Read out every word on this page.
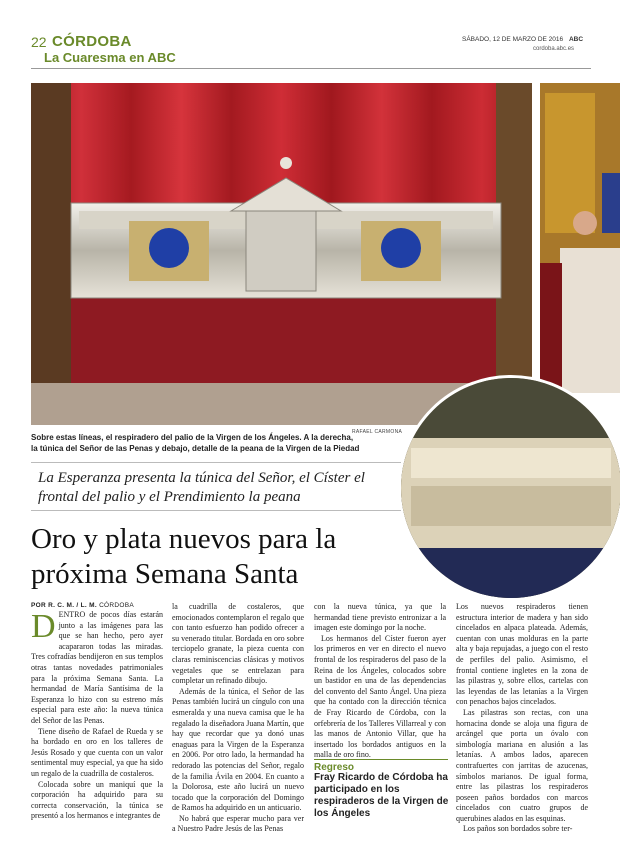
22 CÓRDOBA
La Cuaresma en ABC
SÁBADO, 12 DE MARZO DE 2016 ABC
cordoba.abc.es
RAFAEL CARMONA
Sobre estas líneas, el respiradero del palio de la Virgen de los Ángeles. A la derecha, la túnica del Señor de las Penas y debajo, detalle de la peana de la Virgen de la Piedad
La Esperanza presenta la túnica del Señor, el Císter el frontal del palio y el Prendimiento la peana
Oro y plata nuevos para la próxima Semana Santa
POR R. C. M. / L. M. CÓRDOBA
D ENTRO de pocos días estarán junto a las imágenes para las que se han hecho, pero ayer acapararon todas las miradas. Tres cofradías bendijeron en sus templos otras tantas novedades patrimoniales para la próxima Semana Santa. La hermandad de María Santísima de la Esperanza lo hizo con su estreno más especial para este año: la nueva túnica del Señor de las Penas.

Tiene diseño de Rafael de Rueda y se ha bordado en oro en los talleres de Jesús Rosado y que cuenta con un valor sentimental muy especial, ya que ha sido un regalo de la cuadrilla de costaleros.

Colocada sobre un maniquí que la corporación ha adquirido para su correcta conservación, la túnica se presentó a los hermanos e integrantes de

la cuadrilla de costaleros, que emocionados contemplaron el regalo que con tanto esfuerzo han podido ofrecer a su venerado titular. Bordada en oro sobre terciopelo granate, la pieza cuenta con claras reminiscencias clásicas y motivos vegetales que se entrelazan para completar un refinado dibujo.

Además de la túnica, el Señor de las Penas también lucirá un cíngulo con una esmeralda y una nueva camisa que le ha regalado la diseñadora Juana Martín, que hay que recordar que ya donó unas enaguas para la Virgen de la Esperanza en 2006. Por otro lado, la hermandad ha redorado las potencias del Señor, regalo de la familia Ávila en 2004. En cuanto a la Dolorosa, este año lucirá un nuevo tocado que la corporación del Domingo de Ramos ha adquirido en un anticuario.

No habrá que esperar mucho para ver a Nuestro Padre Jesús de las Penas

con la nueva túnica, ya que la hermandad tiene previsto entronizar a la imagen este domingo por la noche.

Los hermanos del Císter fueron ayer los primeros en ver en directo el nuevo frontal de los respiraderos del paso de la Reina de los Ángeles, colocados sobre un bastidor en una de las dependencias del convento del Santo Ángel. Una pieza que ha contado con la dirección técnica de Fray Ricardo de Córdoba, con la orfebrería de los Talleres Villarreal y con las manos de Antonio Villar, que ha insertado los bordados antiguos en la malla de oro fino.

Regreso
Fray Ricardo de Córdoba ha participado en los respiraderos de la Virgen de los Ángeles

Los nuevos respiraderos tienen estructura interior de madera y han sido cincelados en alpaca plateada. Además, cuentan con unas molduras en la parte alta y baja repujadas, a juego con el resto de perfiles del palio. Asimismo, el frontal contiene ingletes en la zona de las pilastras y, sobre ellos, cartelas con las leyendas de las letanías a la Virgen con penachos bajos cincelados.

Las pilastras son rectas, con una hornacina donde se aloja una figura de arcángel que porta un óvalo con simbología mariana en alusión a las letanías. A ambos lados, aparecen contrafuertes con jarritas de azucenas, símbolos marianos. De igual forma, entre las pilastras los respiraderos poseen paños bordados con marcos cincelados con cuatro grupos de querubines alados en las esquinas.

Los paños son bordados sobre ter-
